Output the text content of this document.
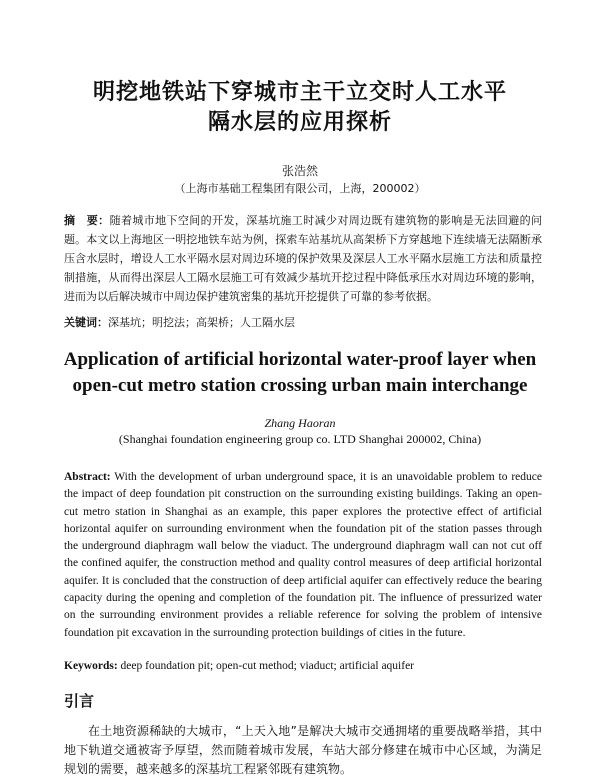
明挖地铁站下穿城市主干立交时人工水平
隔水层的应用探析
张浩然
（上海市基础工程集团有限公司，上海，200002）
摘　要：随着城市地下空间的开发，深基坑施工时减少对周边既有建筑物的影响是无法回避的问题。本文以上海地区一明挖地铁车站为例，探索车站基坑从高架桥下方穿越地下连续墙无法隔断承压含水层时，增设人工水平隔水层对周边环境的保护效果及深层人工水平隔水层施工方法和质量控制措施，从而得出深层人工隔水层施工可有效减少基坑开挖过程中降低承压水对周边环境的影响，进而为以后解决城市中周边保护建筑密集的基坑开挖提供了可靠的参考依据。
关键词：深基坑；明挖法；高架桥；人工隔水层
Application of artificial horizontal water-proof layer when
open-cut metro station crossing urban main interchange
Zhang Haoran
(Shanghai foundation engineering group co. LTD Shanghai 200002, China)
Abstract: With the development of urban underground space, it is an unavoidable problem to reduce the impact of deep foundation pit construction on the surrounding existing buildings. Taking an open-cut metro station in Shanghai as an example, this paper explores the protective effect of artificial horizontal aquifer on surrounding environment when the foundation pit of the station passes through the underground diaphragm wall below the viaduct. The underground diaphragm wall can not cut off the confined aquifer, the construction method and quality control measures of deep artificial horizontal aquifer. It is concluded that the construction of deep artificial aquifer can effectively reduce the bearing capacity during the opening and completion of the foundation pit. The influence of pressurized water on the surrounding environment provides a reliable reference for solving the problem of intensive foundation pit excavation in the surrounding protection buildings of cities in the future.
Keywords: deep foundation pit; open-cut method; viaduct; artificial aquifer
引言
在土地资源稀缺的大城市，“上天入地”是解决大城市交通拥堵的重要战略举措，其中地下轨道交通被寄予厚望，然而随着城市发展，车站大部分修建在城市中心区域，为满足规划的需要，越来越多的深基坑工程紧邻既有建筑物。
